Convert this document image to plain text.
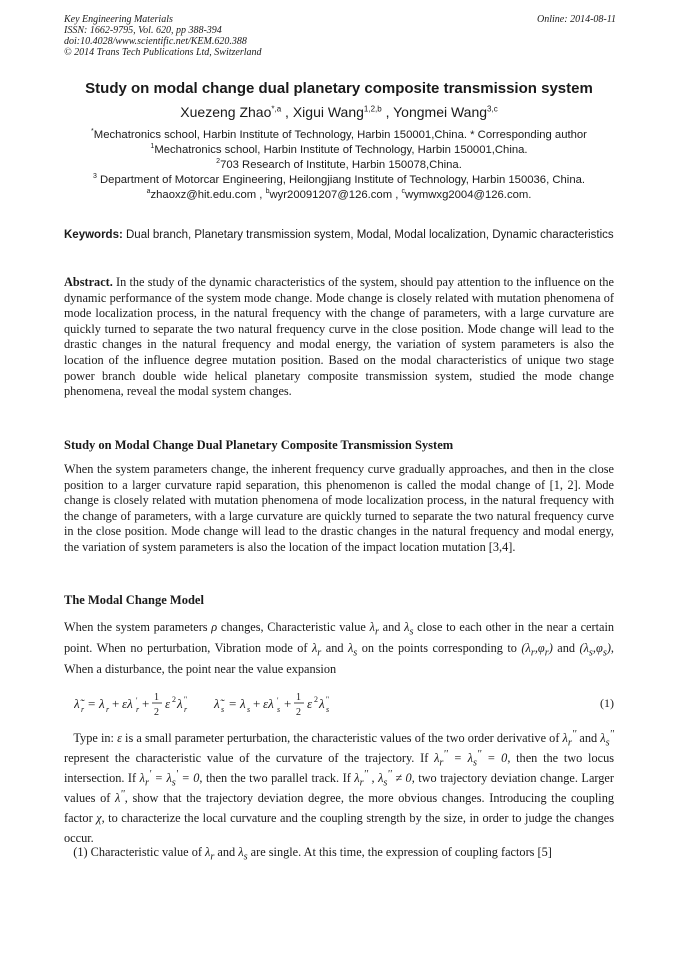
Key Engineering Materials
ISSN: 1662-9795, Vol. 620, pp 388-394
doi:10.4028/www.scientific.net/KEM.620.388
© 2014 Trans Tech Publications Ltd, Switzerland
Online: 2014-08-11
Study on modal change dual planetary composite transmission system
Xuezeng Zhao$^{*,a}$ , Xigui Wang$^{1,2,b}$ , Yongmei Wang$^{3,c}$
*Mechatronics school, Harbin Institute of Technology, Harbin 150001,China. * Corresponding author
$^1$Mechatronics school, Harbin Institute of Technology, Harbin 150001,China.
$^2$703 Research of Institute, Harbin 150078,China.
$^3$ Department of Motorcar Engineering, Heilongjiang Institute of Technology, Harbin 150036, China.
$^a$zhaoxz@hit.edu.com , $^b$wyr20091207@126.com , $^c$wymwxg2004@126.com.
Keywords: Dual branch, Planetary transmission system, Modal, Modal localization, Dynamic characteristics
Abstract. In the study of the dynamic characteristics of the system, should pay attention to the influence on the dynamic performance of the system mode change. Mode change is closely related with mutation phenomena of mode localization process, in the natural frequency with the change of parameters, with a large curvature are quickly turned to separate the two natural frequency curve in the close position. Mode change will lead to the drastic changes in the natural frequency and modal energy, the variation of system parameters is also the location of the influence degree mutation position. Based on the modal characteristics of unique two stage power branch double wide helical planetary composite transmission system, studied the mode change phenomena, reveal the modal system changes.
Study on Modal Change Dual Planetary Composite Transmission System
When the system parameters change, the inherent frequency curve gradually approaches, and then in the close position to a larger curvature rapid separation, this phenomenon is called the modal change of [1, 2]. Mode change is closely related with mutation phenomena of mode localization process, in the natural frequency with the change of parameters, with a large curvature are quickly turned to separate the two natural frequency curve in the close position. Mode change will lead to the drastic changes in the natural frequency and modal energy, the variation of system parameters is also the location of the impact location mutation [3,4].
The Modal Change Model
When the system parameters ρ changes, Characteristic value $\lambda_r$ and $\lambda_s$ close to each other in the near a certain point. When no perturbation, Vibration mode of $\lambda_r$ and $\lambda_s$ on the points corresponding to $(\lambda_r,\varphi_r)$ and $(\lambda_s,\varphi_s)$, When a disturbance, the point near the value expansion
λ̃ r = λ r + ελ '
r + 1
2
ε 2 λ ''
r λ̃ s = λ s + ελ '
s + 1
2
ε 2 λ ''
s	(1)
Type in: ε is a small parameter perturbation, the characteristic values of the two order derivative of $\lambda_r''$ and $\lambda_s''$ represent the characteristic value of the curvature of the trajectory. If $\lambda_r'' = \lambda_s'' = 0$, then the two locus intersection. If $\lambda_r' = \lambda_s' = 0$, then the two parallel track. If $\lambda_r''$ , $\lambda_s'' \ne 0$, two trajectory deviation change. Larger values of λ'', show that the trajectory deviation degree, the more obvious changes. Introducing the coupling factor χ, to characterize the local curvature and the coupling strength by the size, in order to judge the changes occur.
(1) Characteristic value of $\lambda_r$ and $\lambda_s$ are single. At this time, the expression of coupling factors [5]
